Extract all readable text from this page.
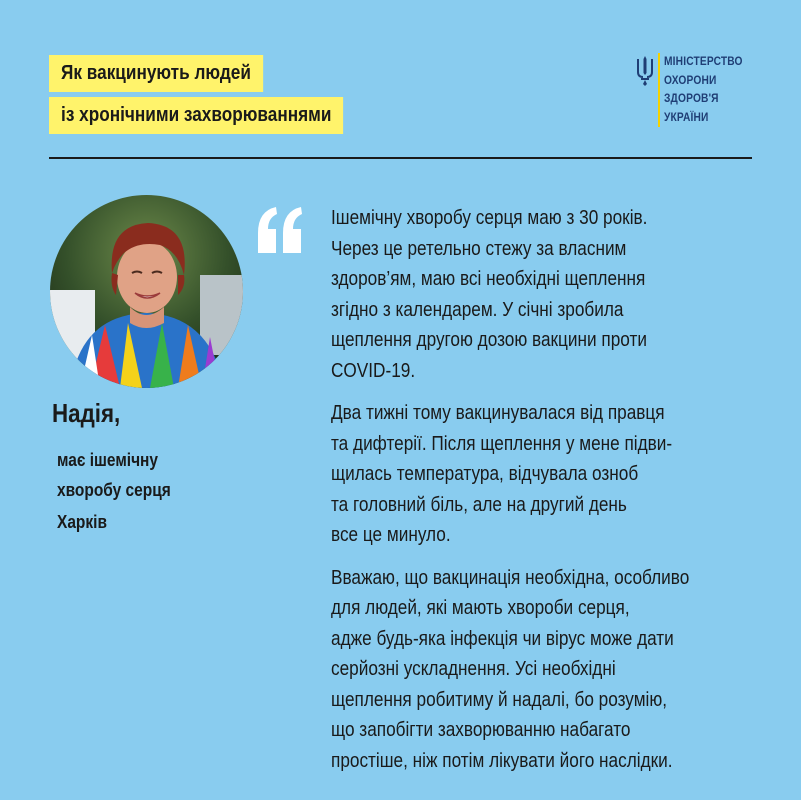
Як вакцинують людей
із хронічними захворюваннями
МІНІСТЕРСТВО
ОХОРОНИ
ЗДОРОВ'Я
УКРАЇНИ
Надія,
має ішемічну
хворобу серця
Харків

Ішемічну хворобу серця маю з 30 років.
Через це ретельно стежу за власним
здоров’ям, маю всі необхідні щеплення
згідно з календарем. У січні зробила
щеплення другою дозою вакцини проти
COVID-19.

Два тижні тому вакцинувалася від правця
та дифтерії. Після щеплення у мене підви-
щилась температура, відчувала озноб
та головний біль, але на другий день
все це минуло.

Вважаю, що вакцинація необхідна, особливо
для людей, які мають хвороби серця,
адже будь-яка інфекція чи вірус може дати
серйозні ускладнення. Усі необхідні
щеплення робитиму й надалі, бо розумію,
що запобігти захворюванню набагато
простіше, ніж потім лікувати його наслідки.
